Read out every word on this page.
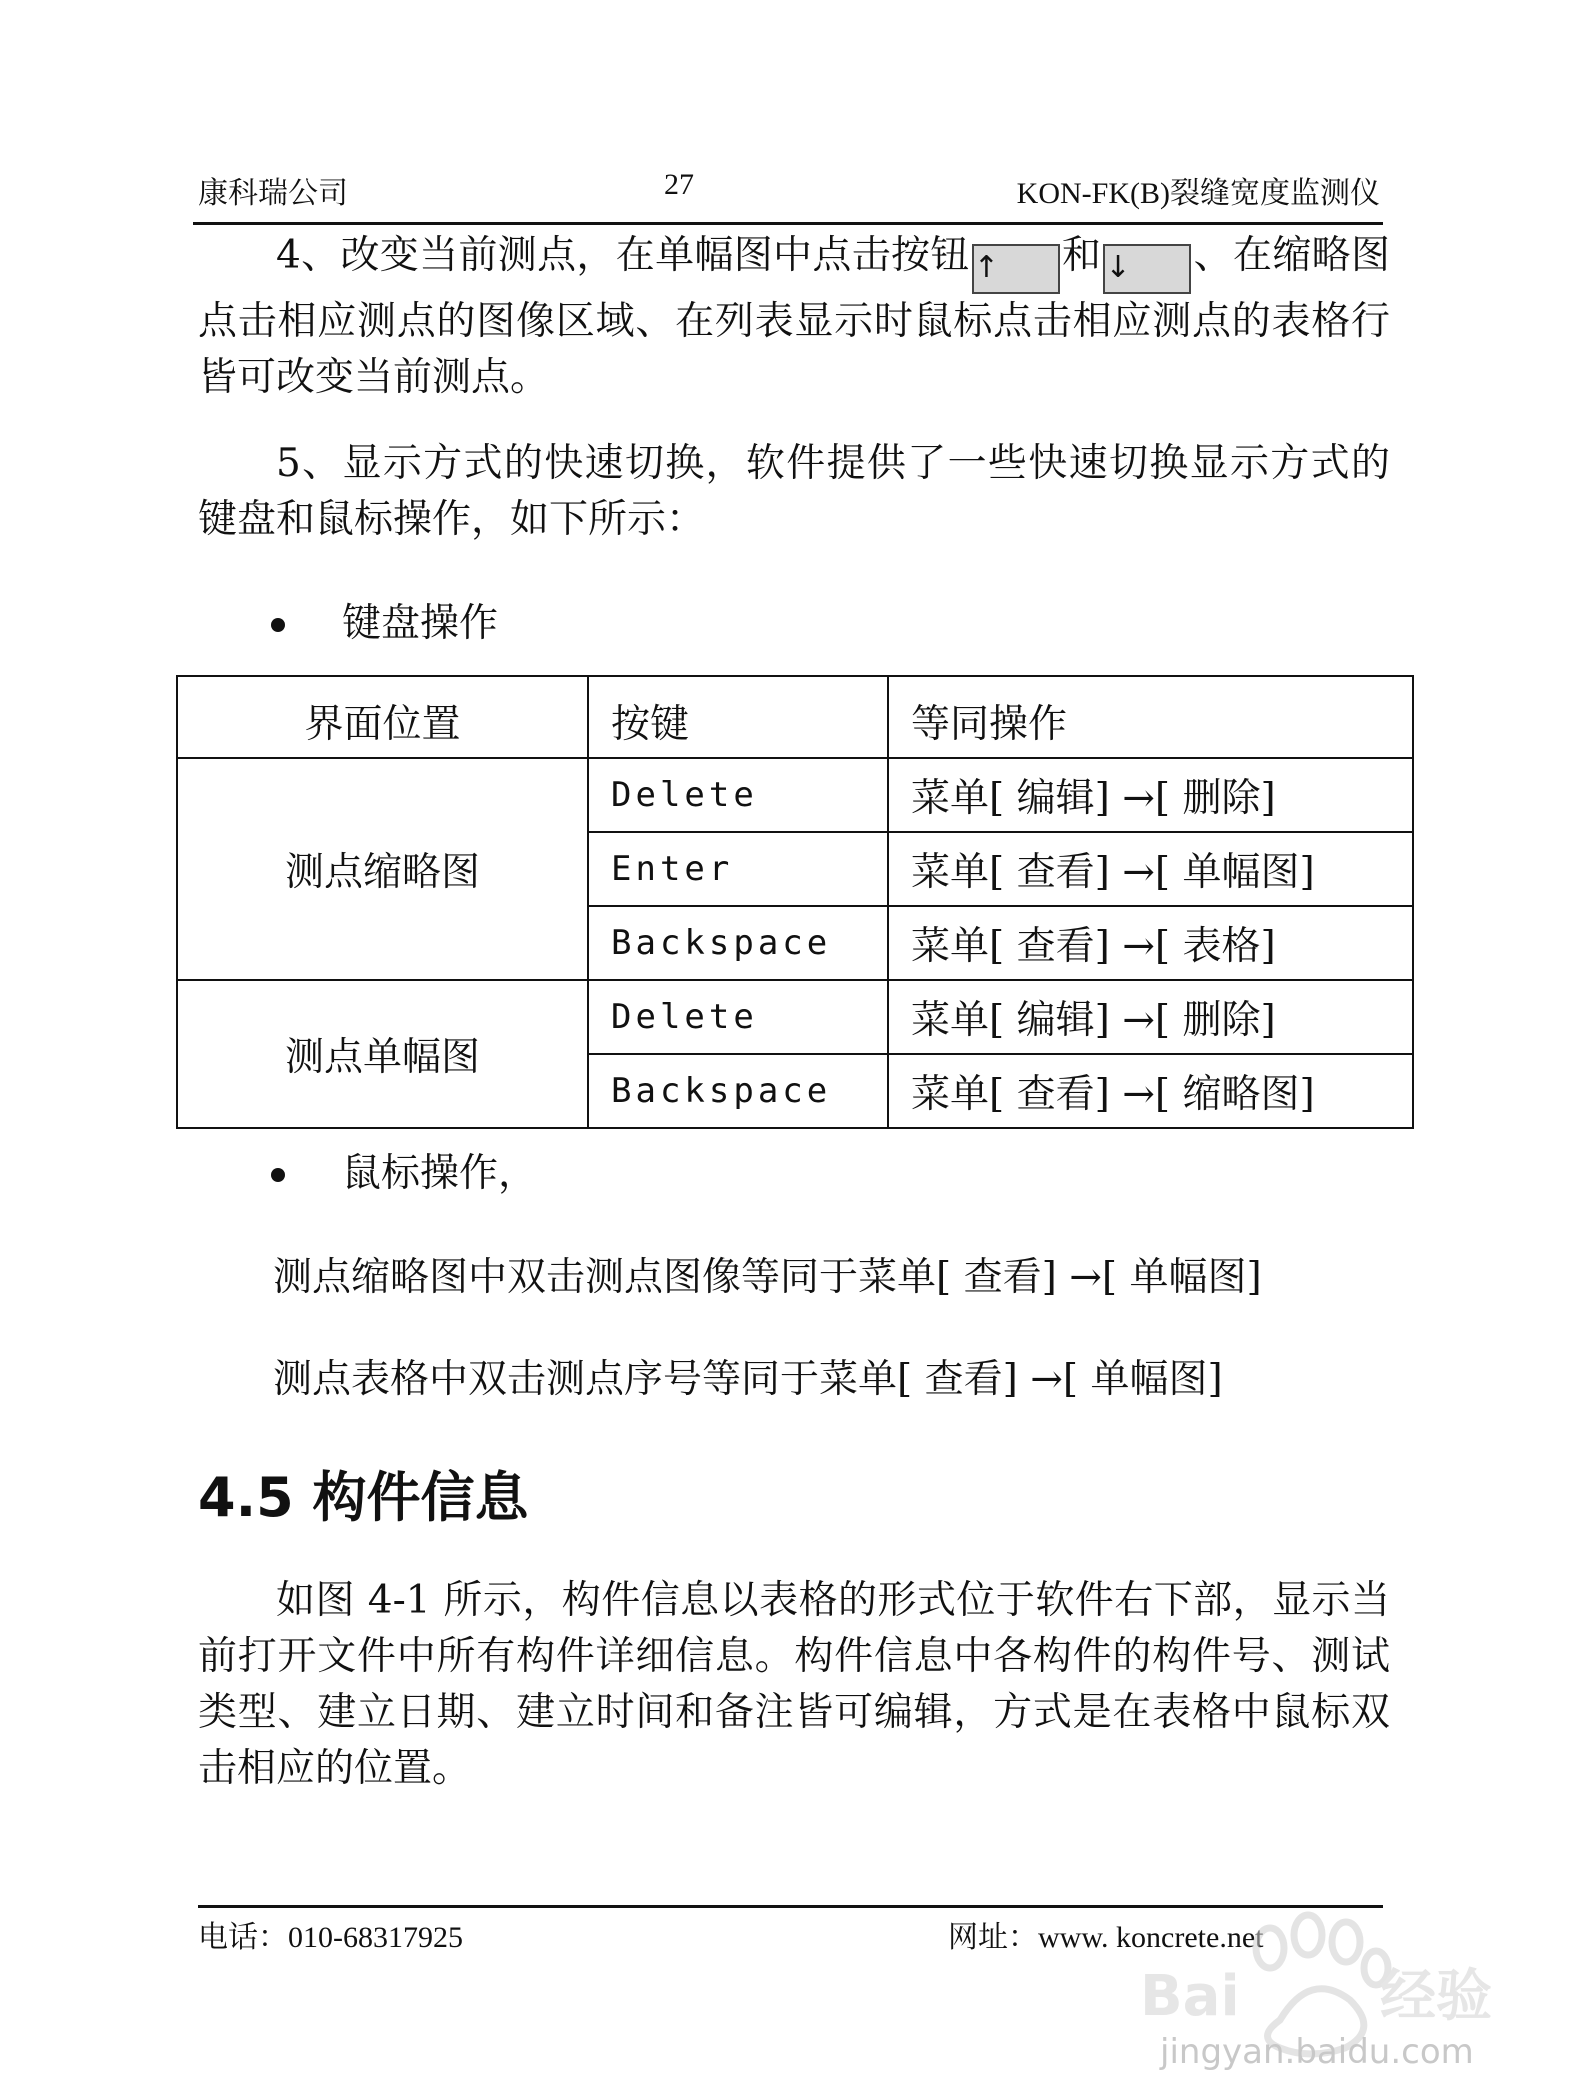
康科瑞公司	27	KON-FK(B)裂缝宽度监测仪
4、改变当前测点，在单幅图中点击按钮 ↑ 和 ↓ 、在缩略图点击相应测点的图像区域、在列表显示时鼠标点击相应测点的表格行皆可改变当前测点。
5、显示方式的快速切换，软件提供了一些快速切换显示方式的键盘和鼠标操作，如下所示：
键盘操作
界面位置	按键	等同操作
测点缩略图	Delete	菜单[ 编辑] →[ 删除]
	Enter	菜单[ 查看] →[ 单幅图]
	Backspace	菜单[ 查看] →[ 表格]
测点单幅图	Delete	菜单[ 编辑] →[ 删除]
	Backspace	菜单[ 查看] →[ 缩略图]
鼠标操作，
测点缩略图中双击测点图像等同于菜单[ 查看] →[ 单幅图]
测点表格中双击测点序号等同于菜单[ 查看] →[ 单幅图]
4.5 构件信息
如图 4-1 所示，构件信息以表格的形式位于软件右下部，显示当前打开文件中所有构件详细信息。构件信息中各构件的构件号、测试类型、建立日期、建立时间和备注皆可编辑，方式是在表格中鼠标双击相应的位置。
电话：010-68317925	网址：www. koncrete.net
Bai	经验
jingyan.baidu.com
